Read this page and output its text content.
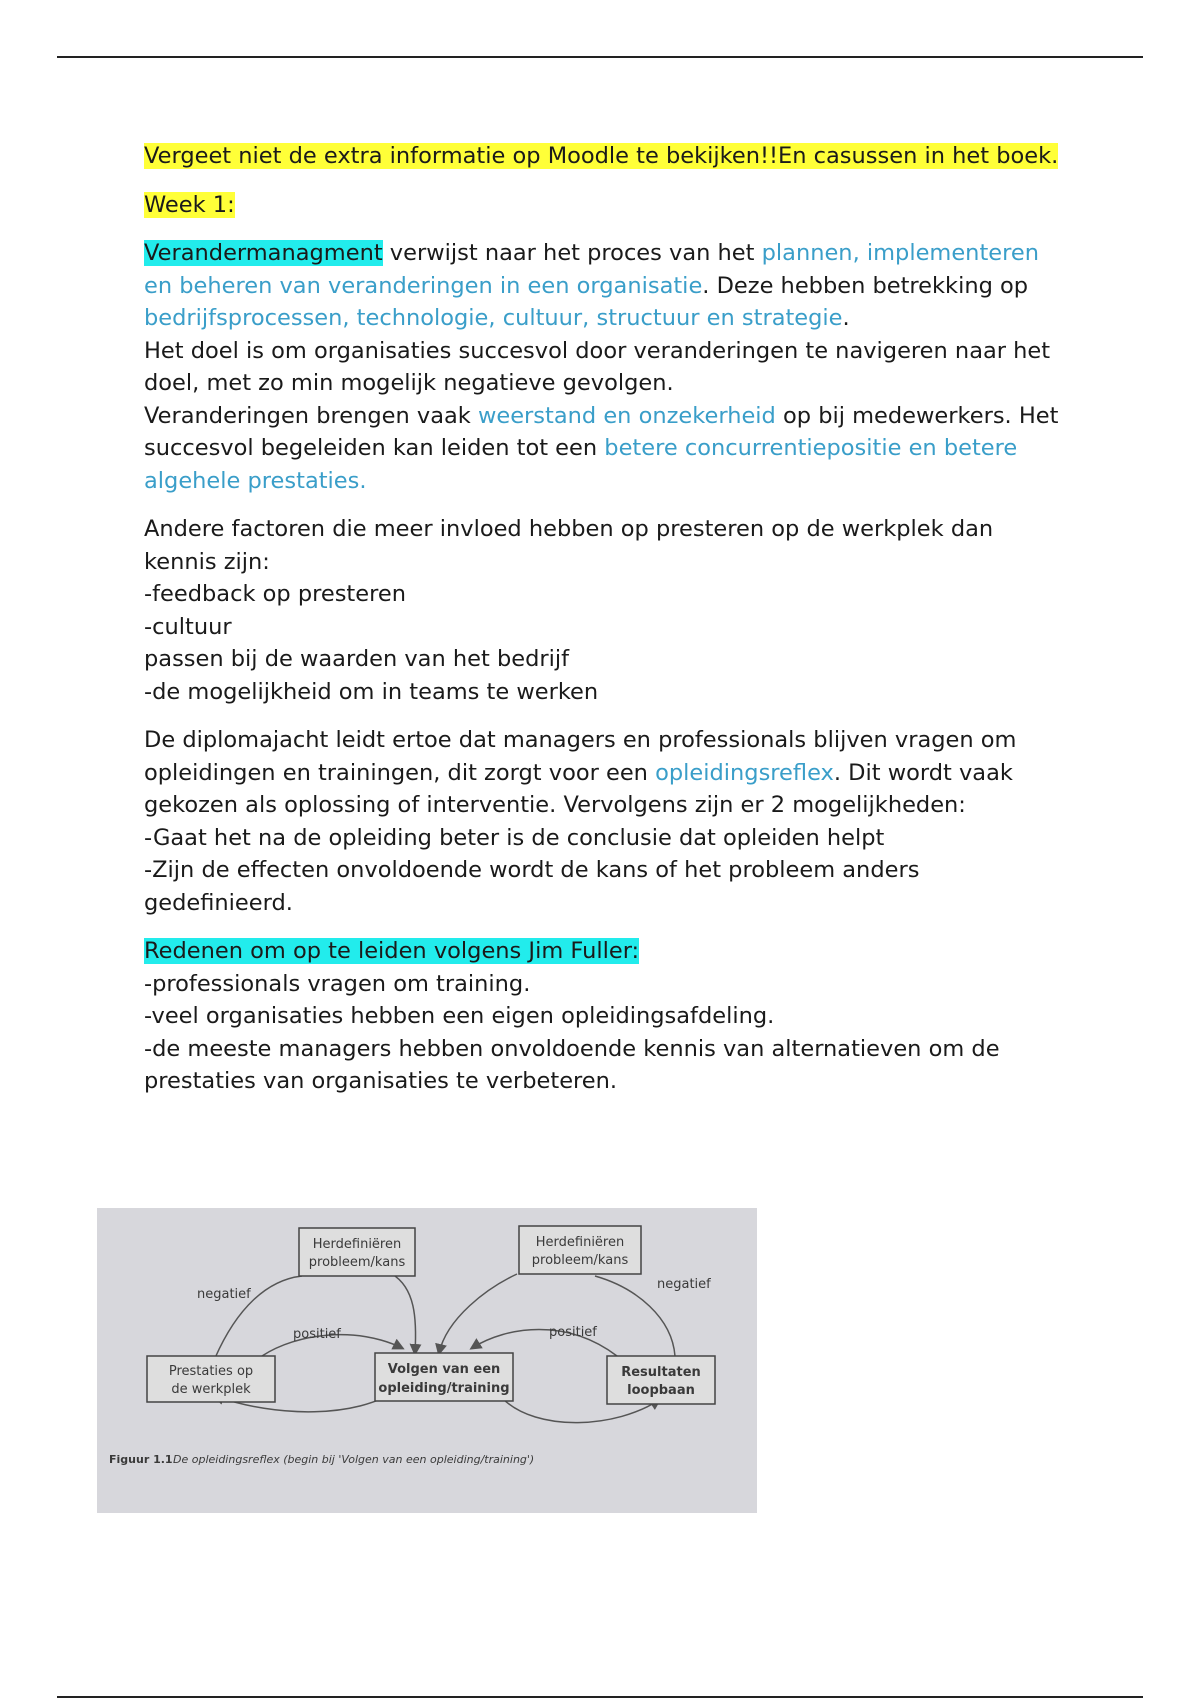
Vergeet niet de extra informatie op Moodle te bekijken!!En casussen in het boek.

Week 1:

Verandermanagment verwijst naar het proces van het plannen, implementeren en beheren van veranderingen in een organisatie. Deze hebben betrekking op bedrijfsprocessen, technologie, cultuur, structuur en strategie.
Het doel is om organisaties succesvol door veranderingen te navigeren naar het doel, met zo min mogelijk negatieve gevolgen.
Veranderingen brengen vaak weerstand en onzekerheid op bij medewerkers. Het succesvol begeleiden kan leiden tot een betere concurrentiepositie en betere algehele prestaties.

Andere factoren die meer invloed hebben op presteren op de werkplek dan kennis zijn:
-feedback op presteren
-cultuur
passen bij de waarden van het bedrijf
-de mogelijkheid om in teams te werken

De diplomajacht leidt ertoe dat managers en professionals blijven vragen om opleidingen en trainingen, dit zorgt voor een opleidingsreflex. Dit wordt vaak gekozen als oplossing of interventie. Vervolgens zijn er 2 mogelijkheden:
-Gaat het na de opleiding beter is de conclusie dat opleiden helpt
-Zijn de effecten onvoldoende wordt de kans of het probleem anders gedefinieerd.

Redenen om op te leiden volgens Jim Fuller:
-professionals vragen om training.
-veel organisaties hebben een eigen opleidingsafdeling.
-de meeste managers hebben onvoldoende kennis van alternatieven om de prestaties van organisaties te verbeteren.

Herdefiniëren
probleem/kans
Herdefiniëren
probleem/kans
Prestaties op
de werkplek
Volgen van een
opleiding/training
Resultaten
loopbaan
negatief
positief
negatief
positief
Figuur 1.1 De opleidingsreflex (begin bij 'Volgen van een opleiding/training')
